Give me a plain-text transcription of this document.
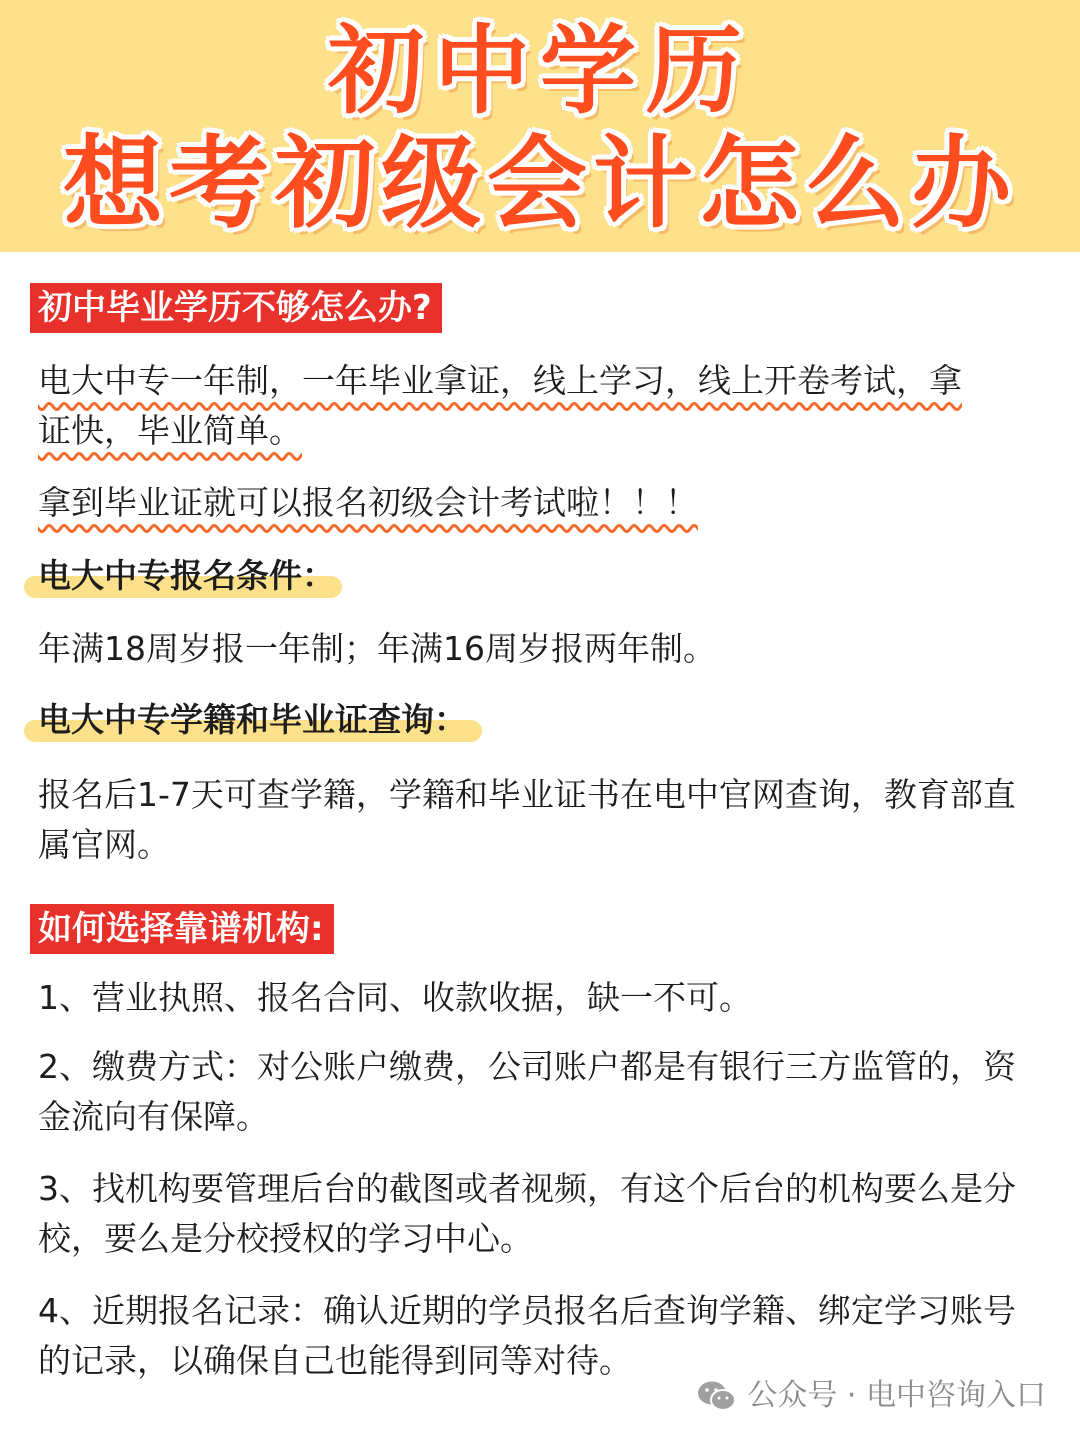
初中学历
想考初级会计怎么办
初中毕业学历不够怎么办?
电大中专一年制，一年毕业拿证，线上学习，线上开卷考试，拿
证快，毕业简单。
拿到毕业证就可以报名初级会计考试啦！！！
电大中专报名条件：
年满18周岁报一年制；年满16周岁报两年制。
电大中专学籍和毕业证查询：
报名后1-7天可查学籍，学籍和毕业证书在电中官网查询，教育部直属官网。
如何选择靠谱机构:
1、营业执照、报名合同、收款收据，缺一不可。
2、缴费方式：对公账户缴费，公司账户都是有银行三方监管的，资金流向有保障。
3、找机构要管理后台的截图或者视频，有这个后台的机构要么是分校，要么是分校授权的学习中心。
4、近期报名记录：确认近期的学员报名后查询学籍、绑定学习账号的记录，以确保自己也能得到同等对待。
公众号 · 电中咨询入口
